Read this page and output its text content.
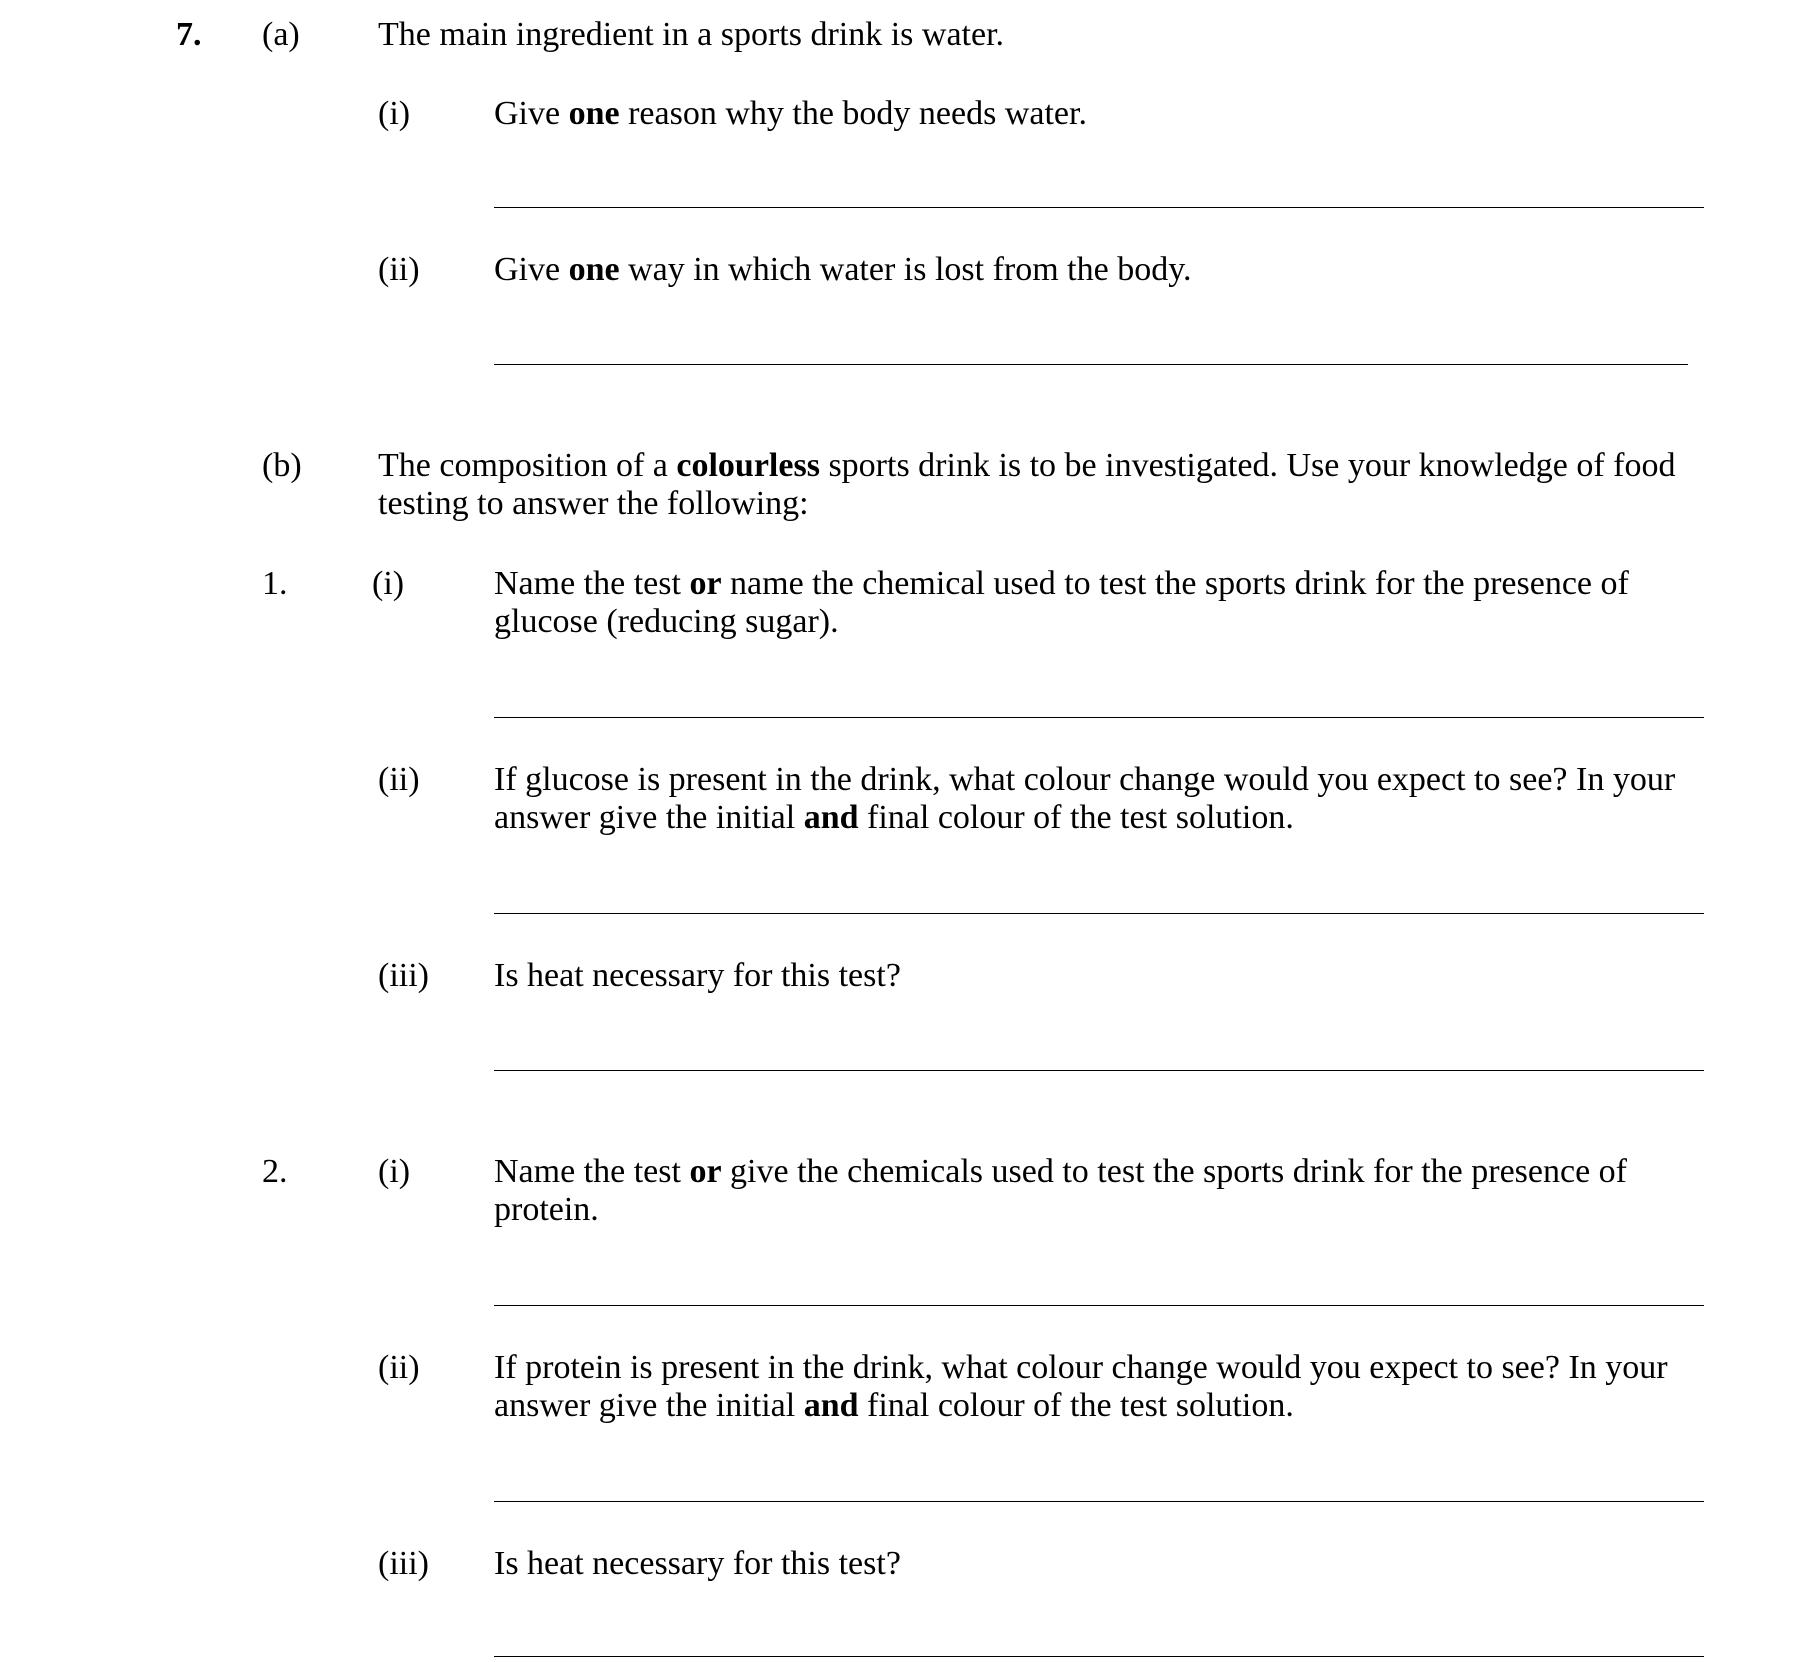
7. (a) The main ingredient in a sports drink is water.
(i) Give one reason why the body needs water.
(ii) Give one way in which water is lost from the body.
(b) The composition of a colourless sports drink is to be investigated. Use your knowledge of food testing to answer the following:
1. (i)	Name the test or name the chemical used to test the sports drink for the presence of glucose (reducing sugar).
(ii) If glucose is present in the drink, what colour change would you expect to see? In your answer give the initial and final colour of the test solution.
(iii) Is heat necessary for this test?
2.	(i) Name the test or give the chemicals used to test the sports drink for the presence of protein.
(ii) If protein is present in the drink, what colour change would you expect to see? In your answer give the initial and final colour of the test solution.
(iii) Is heat necessary for this test?
